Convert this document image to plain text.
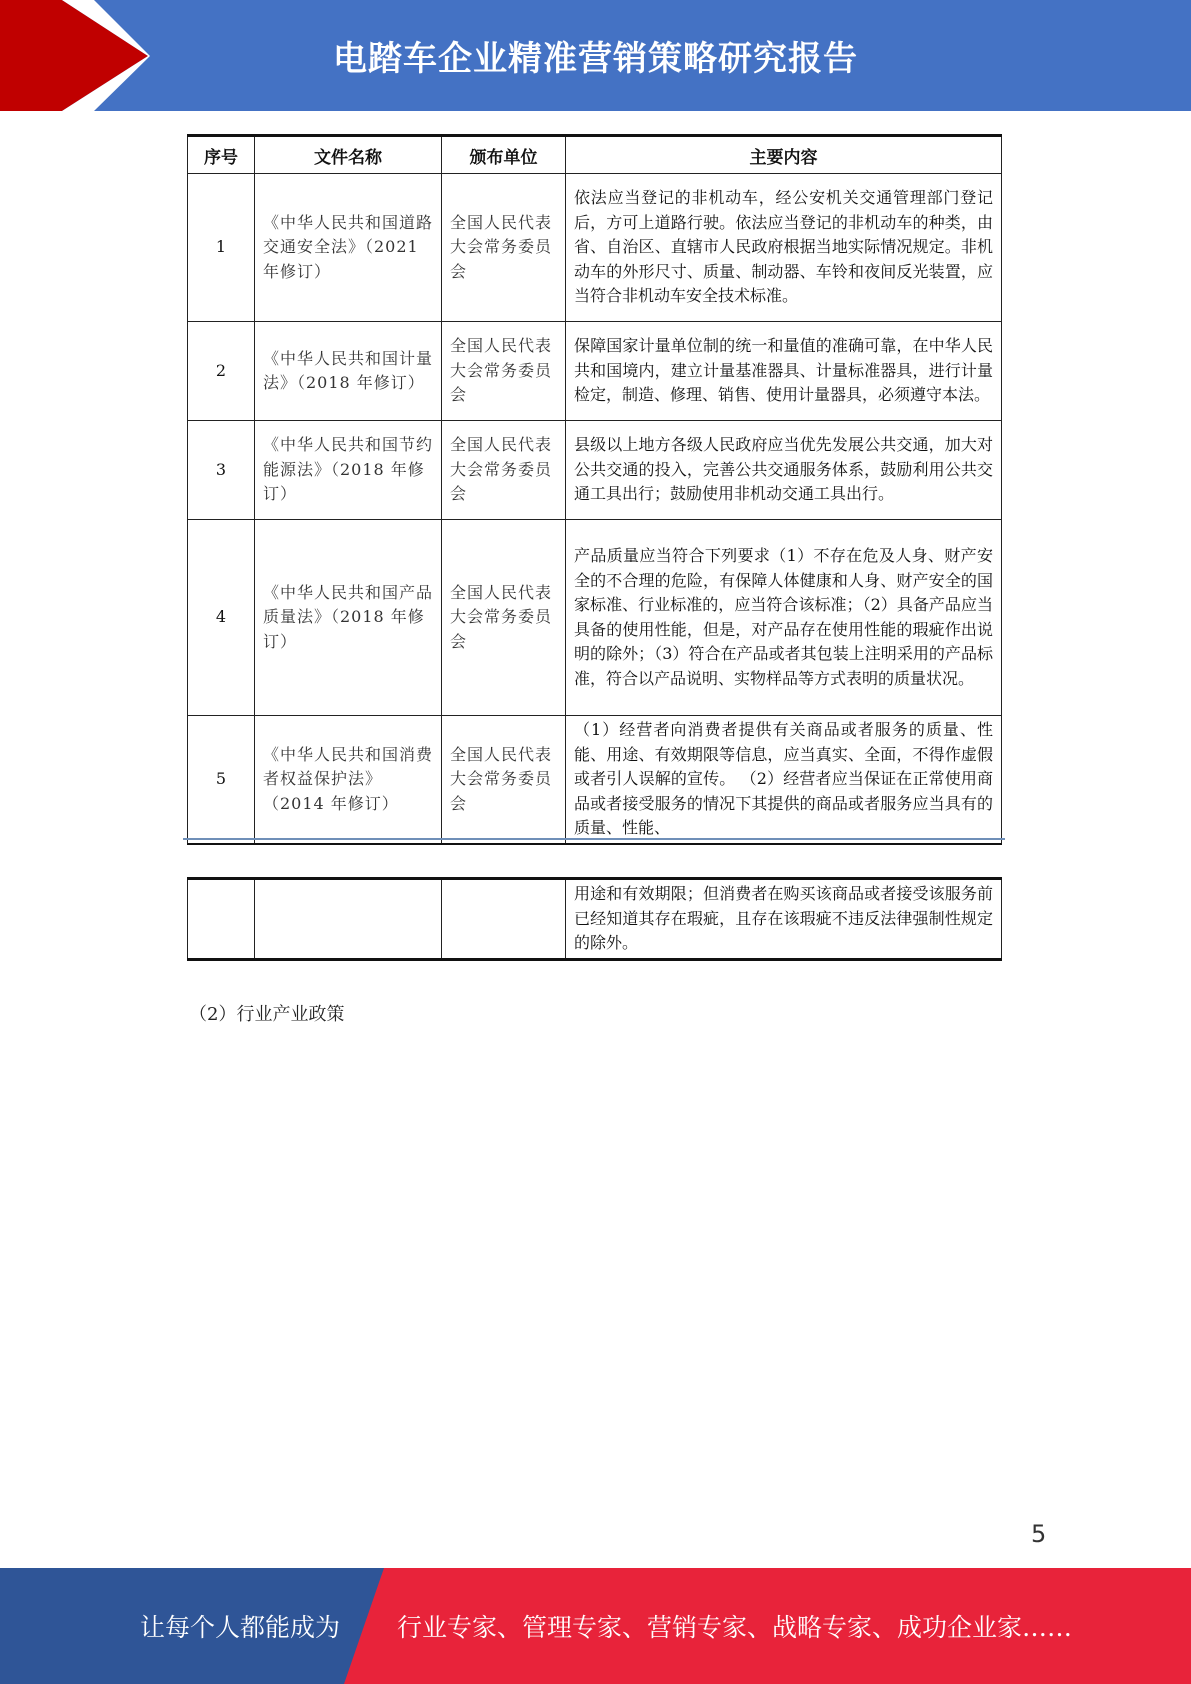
电踏车企业精准营销策略研究报告
序号	文件名称	颁布单位	主要内容
1	《中华人民共和国道路交通安全法》（2021 年修订）	全国人民代表大会常务委员会	依法应当登记的非机动车，经公安机关交通管理部门登记后，方可上道路行驶。依法应当登记的非机动车的种类，由省、自治区、直辖市人民政府根据当地实际情况规定。非机动车的外形尺寸、质量、制动器、车铃和夜间反光装置，应当符合非机动车安全技术标准。
2	《中华人民共和国计量法》（2018 年修订）	全国人民代表大会常务委员会	保障国家计量单位制的统一和量值的准确可靠，在中华人民共和国境内，建立计量基准器具、计量标准器具，进行计量检定，制造、修理、销售、使用计量器具，必须遵守本法。
3	《中华人民共和国节约能源法》（2018 年修订）	全国人民代表大会常务委员会	县级以上地方各级人民政府应当优先发展公共交通，加大对公共交通的投入，完善公共交通服务体系，鼓励利用公共交通工具出行；鼓励使用非机动交通工具出行。
4	《中华人民共和国产品质量法》（2018 年修订）	全国人民代表大会常务委员会	产品质量应当符合下列要求（1）不存在危及人身、财产安全的不合理的危险，有保障人体健康和人身、财产安全的国家标准、行业标准的，应当符合该标准；（2）具备产品应当具备的使用性能，但是，对产品存在使用性能的瑕疵作出说明的除外；（3）符合在产品或者其包装上注明采用的产品标准，符合以产品说明、实物样品等方式表明的质量状况。
5	《中华人民共和国消费者权益保护法》（2014 年修订）	全国人民代表大会常务委员会	（1）经营者向消费者提供有关商品或者服务的质量、性能、用途、有效期限等信息，应当真实、全面，不得作虚假或者引人误解的宣传。 （2）经营者应当保证在正常使用商品或者接受服务的情况下其提供的商品或者服务应当具有的质量、性能、
			用途和有效期限；但消费者在购买该商品或者接受该服务前已经知道其存在瑕疵，且存在该瑕疵不违反法律强制性规定的除外。
（2）行业产业政策
5
让每个人都能成为 行业专家、管理专家、营销专家、战略专家、成功企业家……
